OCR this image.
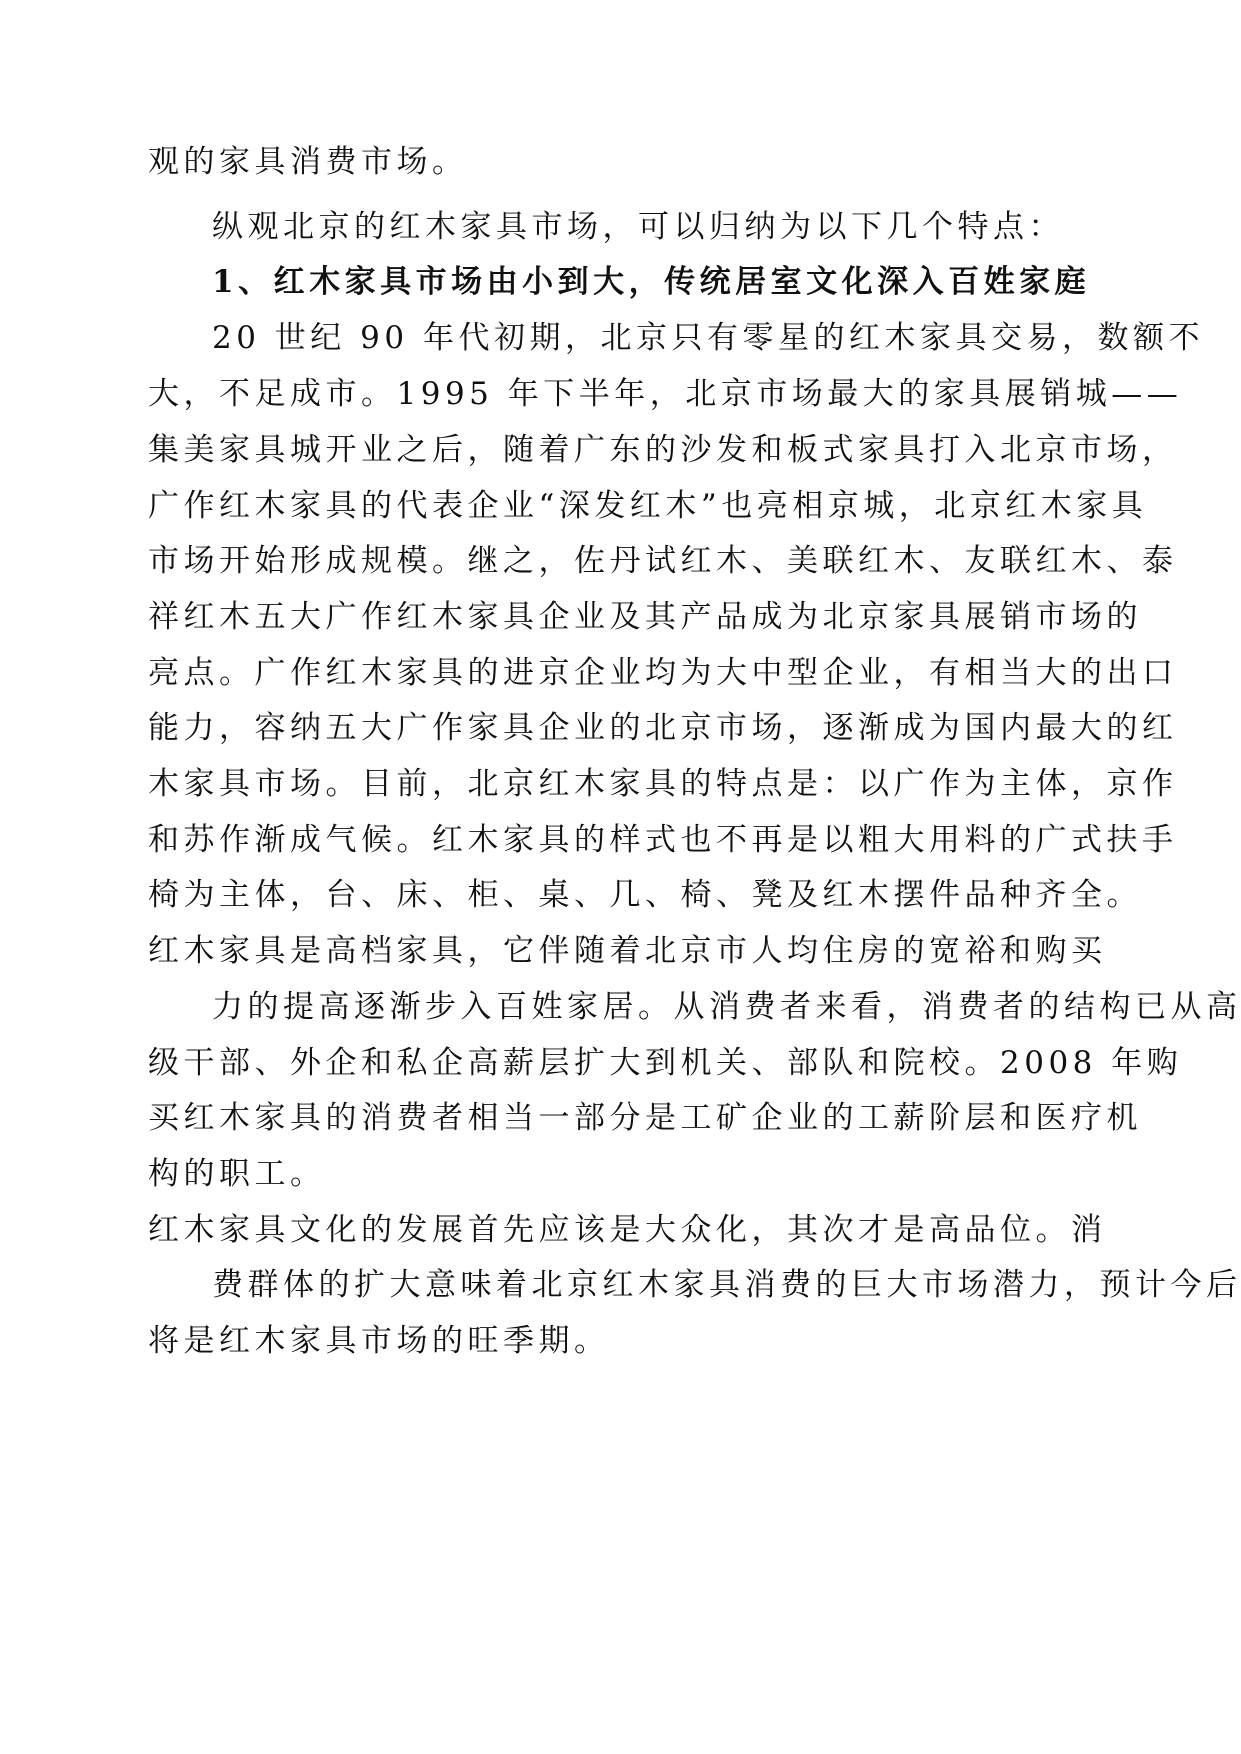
观的家具消费市场。
纵观北京的红木家具市场，可以归纳为以下几个特点：
1、红木家具市场由小到大，传统居室文化深入百姓家庭
20 世纪 90 年代初期，北京只有零星的红木家具交易，数额不
大，不足成市。1995 年下半年，北京市场最大的家具展销城——
集美家具城开业之后，随着广东的沙发和板式家具打入北京市场，
广作红木家具的代表企业“深发红木”也亮相京城，北京红木家具
市场开始形成规模。继之，佐丹试红木、美联红木、友联红木、泰
祥红木五大广作红木家具企业及其产品成为北京家具展销市场的
亮点。广作红木家具的进京企业均为大中型企业，有相当大的出口
能力，容纳五大广作家具企业的北京市场，逐渐成为国内最大的红
木家具市场。目前，北京红木家具的特点是：以广作为主体，京作
和苏作渐成气候。红木家具的样式也不再是以粗大用料的广式扶手
椅为主体，台、床、柜、桌、几、椅、凳及红木摆件品种齐全。
红木家具是高档家具，它伴随着北京市人均住房的宽裕和购买
力的提高逐渐步入百姓家居。从消费者来看，消费者的结构已从高
级干部、外企和私企高薪层扩大到机关、部队和院校。2008 年购
买红木家具的消费者相当一部分是工矿企业的工薪阶层和医疗机
构的职工。
红木家具文化的发展首先应该是大众化，其次才是高品位。消
费群体的扩大意味着北京红木家具消费的巨大市场潜力，预计今后
将是红木家具市场的旺季期。
